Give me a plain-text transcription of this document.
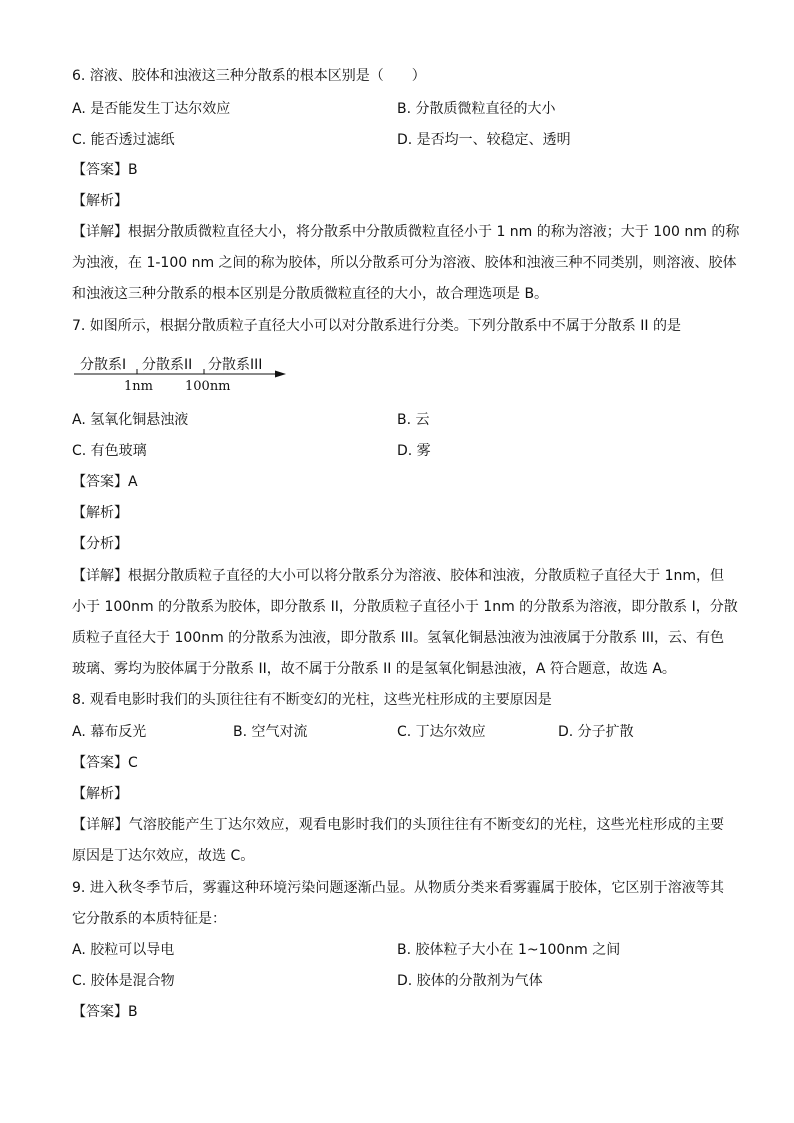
6. 溶液、胶体和浊液这三种分散系的根本区别是（　　）
A. 是否能发生丁达尔效应	B. 分散质微粒直径的大小
C. 能否透过滤纸	D. 是否均一、较稳定、透明
【答案】B
【解析】
【详解】根据分散质微粒直径大小，将分散系中分散质微粒直径小于 1 nm 的称为溶液；大于 100 nm 的称
为浊液，在 1-100 nm 之间的称为胶体，所以分散系可分为溶液、胶体和浊液三种不同类别，则溶液、胶体
和浊液这三种分散系的根本区别是分散质微粒直径的大小，故合理选项是 B。
7. 如图所示，根据分散质粒子直径大小可以对分散系进行分类。下列分散系中不属于分散系 II 的是
分散系I 分散系II 分散系III
1nm 100nm
A. 氢氧化铜悬浊液	B. 云
C. 有色玻璃	D. 雾
【答案】A
【解析】
【分析】
【详解】根据分散质粒子直径的大小可以将分散系分为溶液、胶体和浊液，分散质粒子直径大于 1nm，但
小于 100nm 的分散系为胶体，即分散系 II，分散质粒子直径小于 1nm 的分散系为溶液，即分散系 I，分散
质粒子直径大于 100nm 的分散系为浊液，即分散系 III。氢氧化铜悬浊液为浊液属于分散系 III，云、有色
玻璃、雾均为胶体属于分散系 II，故不属于分散系 II 的是氢氧化铜悬浊液，A 符合题意，故选 A。
8. 观看电影时我们的头顶往往有不断变幻的光柱，这些光柱形成的主要原因是
A. 幕布反光	B. 空气对流	C. 丁达尔效应	D. 分子扩散
【答案】C
【解析】
【详解】气溶胶能产生丁达尔效应，观看电影时我们的头顶往往有不断变幻的光柱，这些光柱形成的主要
原因是丁达尔效应，故选 C。
9. 进入秋冬季节后，雾霾这种环境污染问题逐渐凸显。从物质分类来看雾霾属于胶体，它区别于溶液等其
它分散系的本质特征是：
A. 胶粒可以导电	B. 胶体粒子大小在 1~100nm 之间
C. 胶体是混合物	D. 胶体的分散剂为气体
【答案】B
